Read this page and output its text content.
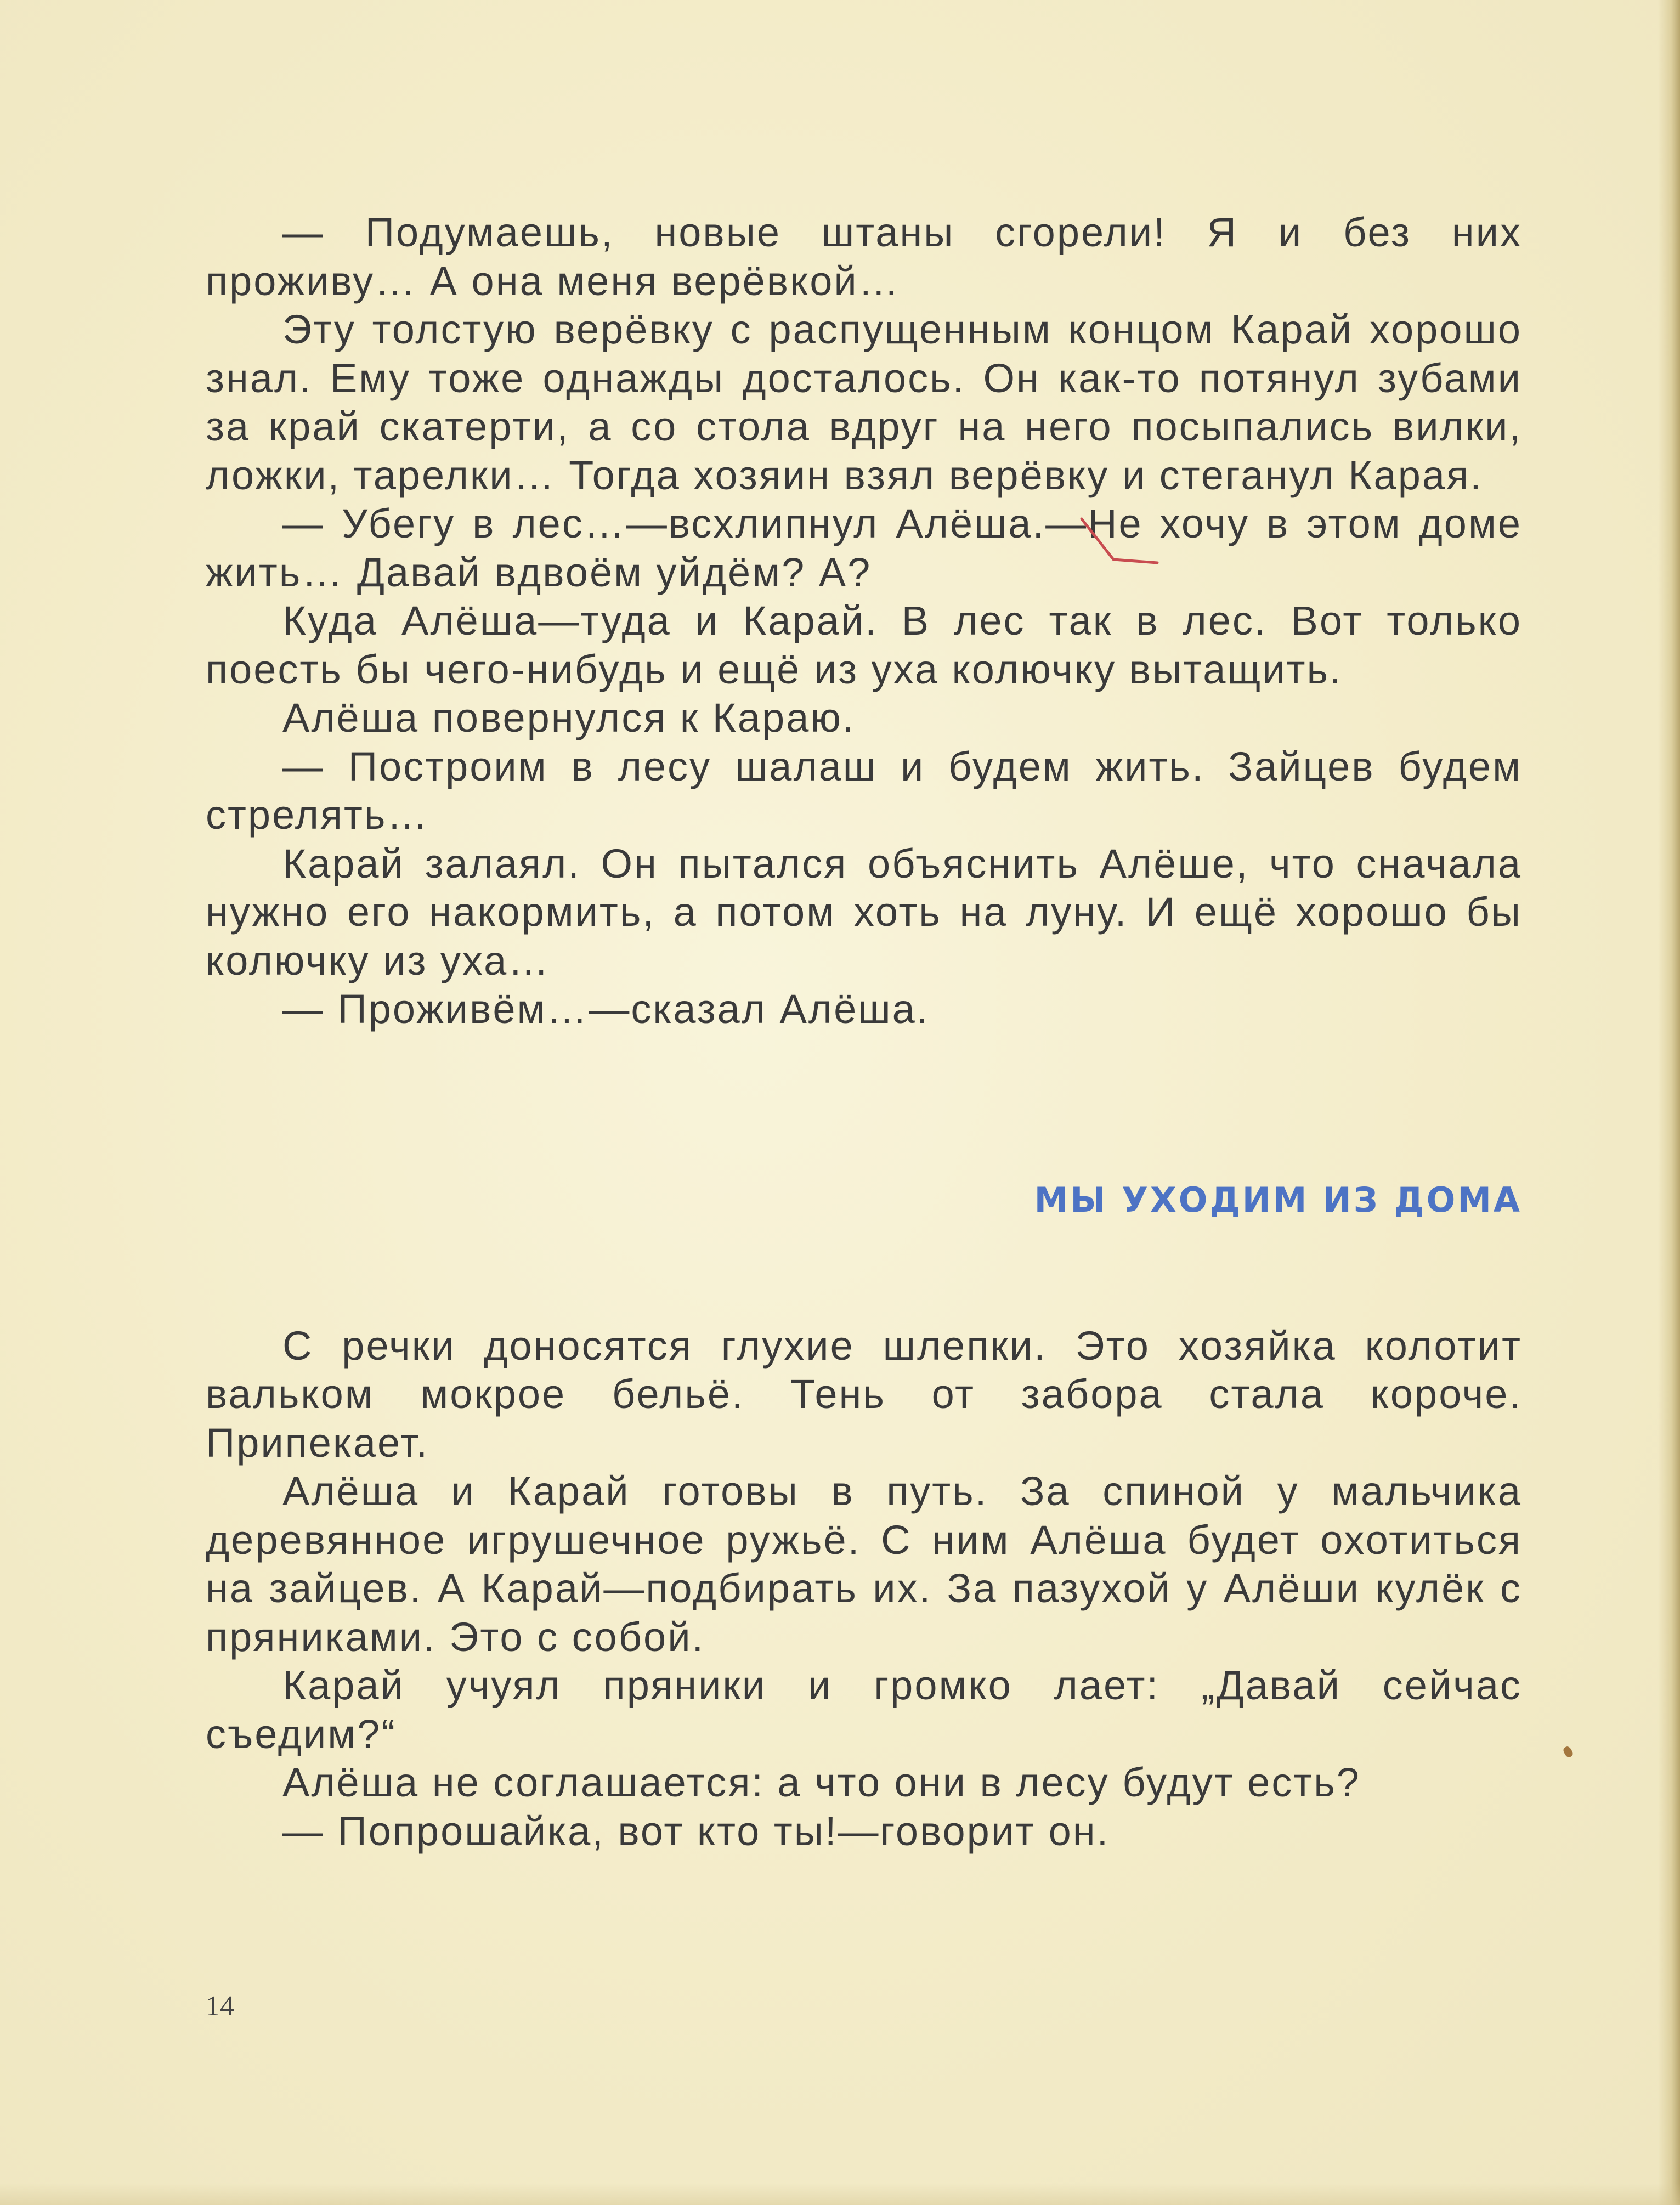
— Подумаешь, новые штаны сгорели! Я и без них проживу… А она меня верёвкой…

Эту толстую верёвку с распущенным концом Карай хорошо знал. Ему тоже однажды досталось. Он как-то потянул зубами за край скатерти, а со стола вдруг на него посыпались вилки, ложки, тарелки… Тогда хозяин взял верёвку и стеганул Карая.

— Убегу в лес…—всхлипнул Алёша.—Не хочу в этом доме жить… Давай вдвоём уйдём? А?

Куда Алёша—туда и Карай. В лес так в лес. Вот только поесть бы чего-нибудь и ещё из уха колючку вытащить.

Алёша повернулся к Караю.

— Построим в лесу шалаш и будем жить. Зайцев будем стрелять…

Карай залаял. Он пытался объяснить Алёше, что сначала нужно его накормить, а потом хоть на луну. И ещё хорошо бы колючку из уха…

— Проживём…—сказал Алёша.

МЫ УХОДИМ ИЗ ДОМА

С речки доносятся глухие шлепки. Это хозяйка колотит вальком мокрое бельё. Тень от забора стала короче. Припекает.

Алёша и Карай готовы в путь. За спиной у мальчика деревянное игрушечное ружьё. С ним Алёша будет охотиться на зайцев. А Карай—подбирать их. За пазухой у Алёши кулёк с пряниками. Это с собой.

Карай учуял пряники и громко лает: „Давай сейчас съедим?“

Алёша не соглашается: а что они в лесу будут есть?

— Попрошайка, вот кто ты!—говорит он.

14
